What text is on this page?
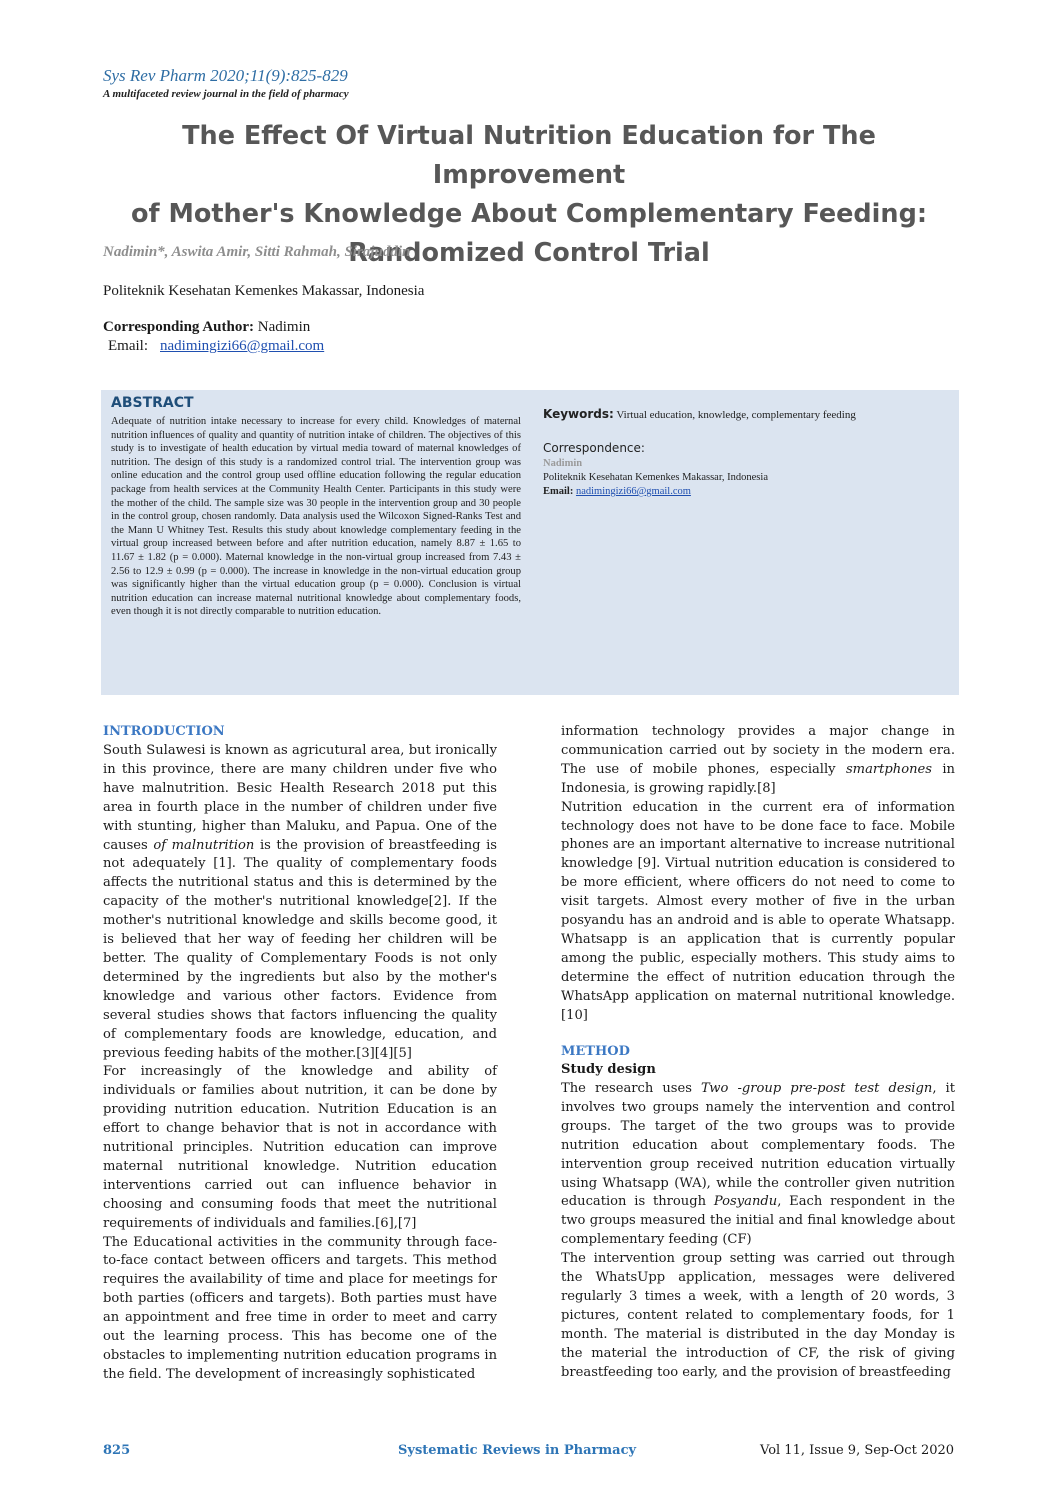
Sys Rev Pharm 2020;11(9):825-829
A multifaceted review journal in the field of pharmacy
The Effect Of Virtual Nutrition Education for The Improvement
of Mother's Knowledge About Complementary Feeding:
Randomized Control Trial
Nadimin*, Aswita Amir, Sitti Rahmah, Sirajuddin
Politeknik Kesehatan Kemenkes Makassar, Indonesia
Corresponding Author: Nadimin
Email: nadimingizi66@gmail.com
ABSTRACT
Adequate of nutrition intake necessary to increase for every child. Knowledges of maternal nutrition influences of quality and quantity of nutrition intake of children. The objectives of this study is to investigate of health education by virtual media toward of maternal knowledges of nutrition. The design of this study is a randomized control trial. The intervention group was online education and the control group used offline education following the regular education package from health services at the Community Health Center. Participants in this study were the mother of the child. The sample size was 30 people in the intervention group and 30 people in the control group, chosen randomly. Data analysis used the Wilcoxon Signed-Ranks Test and the Mann U Whitney Test. Results this study about knowledge complementary feeding in the virtual group increased between before and after nutrition education, namely 8.87 ± 1.65 to 11.67 ± 1.82 (p = 0.000). Maternal knowledge in the non-virtual group increased from 7.43 ± 2.56 to 12.9 ± 0.99 (p = 0.000). The increase in knowledge in the non-virtual education group was significantly higher than the virtual education group (p = 0.000). Conclusion is virtual nutrition education can increase maternal nutritional knowledge about complementary foods, even though it is not directly comparable to nutrition education.
Keywords: Virtual education, knowledge, complementary feeding
Correspondence:
Nadimin
Politeknik Kesehatan Kemenkes Makassar, Indonesia
Email: nadimingizi66@gmail.com
INTRODUCTION

South Sulawesi is known as agricutural area, but ironically in this province, there are many children under five who have malnutrition. Besic Health Research 2018 put this area in fourth place in the number of children under five with stunting, higher than Maluku, and Papua. One of the causes of malnutrition is the provision of breastfeeding is not adequately [1]. The quality of complementary foods affects the nutritional status and this is determined by the capacity of the mother's nutritional knowledge[2]. If the mother's nutritional knowledge and skills become good, it is believed that her way of feeding her children will be better. The quality of Complementary Foods is not only determined by the ingredients but also by the mother's knowledge and various other factors. Evidence from several studies shows that factors influencing the quality of complementary foods are knowledge, education, and previous feeding habits of the mother.[3][4][5]

For increasingly of the knowledge and ability of individuals or families about nutrition, it can be done by providing nutrition education. Nutrition Education is an effort to change behavior that is not in accordance with nutritional principles. Nutrition education can improve maternal nutritional knowledge. Nutrition education interventions carried out can influence behavior in choosing and consuming foods that meet the nutritional requirements of individuals and families.[6],[7]

The Educational activities in the community through face-to-face contact between officers and targets. This method requires the availability of time and place for meetings for both parties (officers and targets). Both parties must have an appointment and free time in order to meet and carry out the learning process. This has become one of the obstacles to implementing nutrition education programs in the field. The development of increasingly sophisticated

information technology provides a major change in communication carried out by society in the modern era. The use of mobile phones, especially smartphones in Indonesia, is growing rapidly.[8]

Nutrition education in the current era of information technology does not have to be done face to face. Mobile phones are an important alternative to increase nutritional knowledge [9]. Virtual nutrition education is considered to be more efficient, where officers do not need to come to visit targets. Almost every mother of five in the urban posyandu has an android and is able to operate Whatsapp. Whatsapp is an application that is currently popular among the public, especially mothers. This study aims to determine the effect of nutrition education through the WhatsApp application on maternal nutritional knowledge.[10]

METHOD
Study design

The research uses Two -group pre-post test design, it involves two groups namely the intervention and control groups. The target of the two groups was to provide nutrition education about complementary foods. The intervention group received nutrition education virtually using Whatsapp (WA), while the controller given nutrition education is through Posyandu, Each respondent in the two groups measured the initial and final knowledge about complementary feeding (CF)

The intervention group setting was carried out through the WhatsUpp application, messages were delivered regularly 3 times a week, with a length of 20 words, 3 pictures, content related to complementary foods, for 1 month. The material is distributed in the day Monday is the material the introduction of CF, the risk of giving breastfeeding too early, and the provision of breastfeeding

825	Systematic Reviews in Pharmacy	Vol 11, Issue 9, Sep-Oct 2020
